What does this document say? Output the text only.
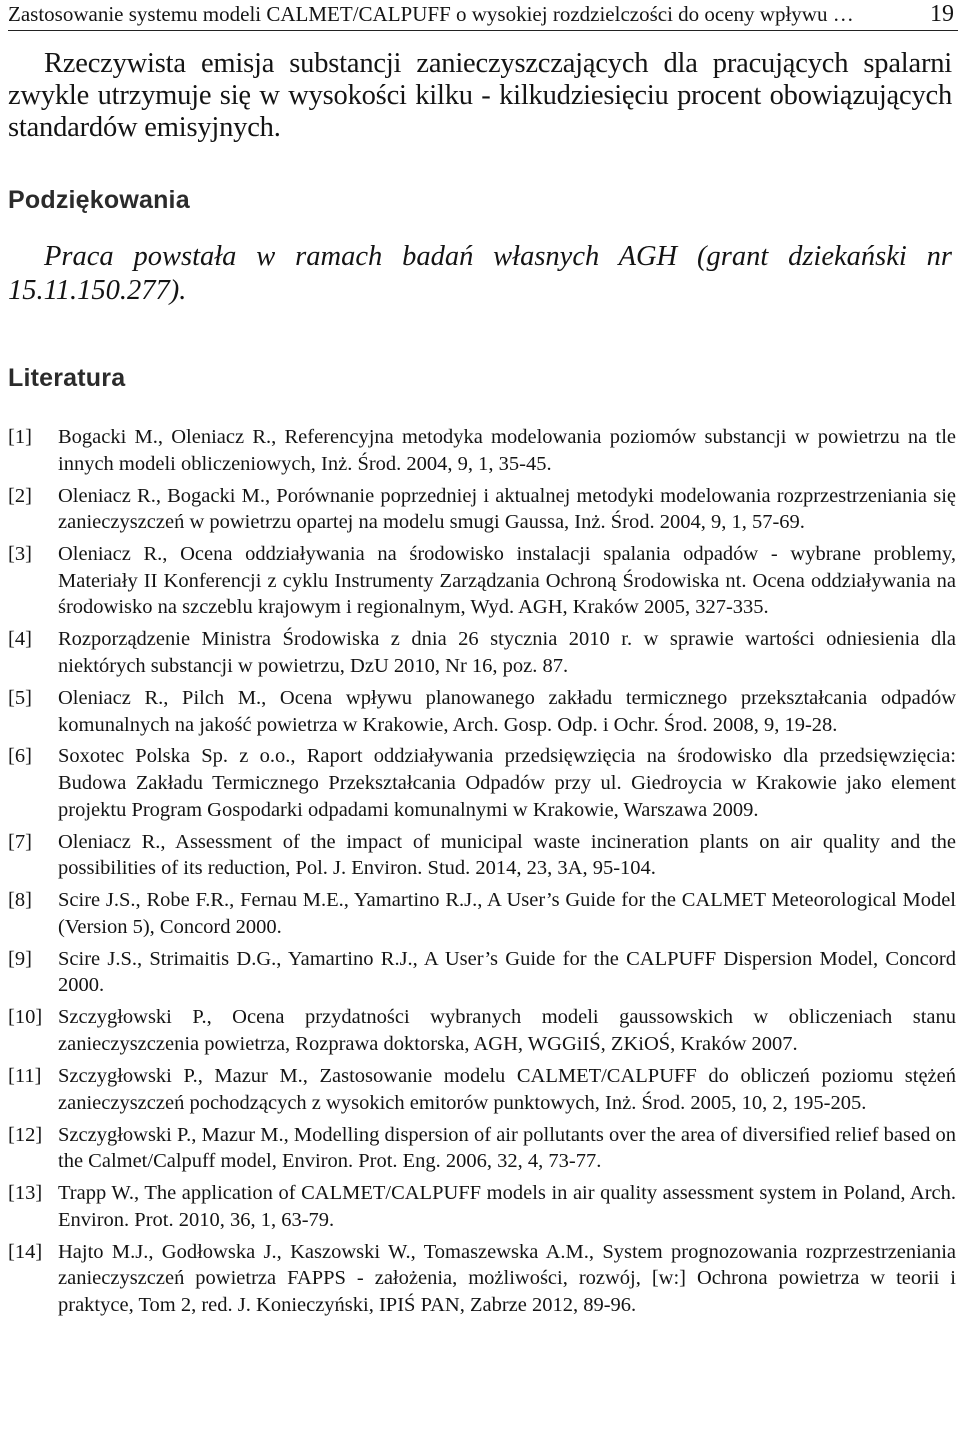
Zastosowanie systemu modeli CALMET/CALPUFF o wysokiej rozdzielczości do oceny wpływu …	19

Rzeczywista emisja substancji zanieczyszczających dla pracujących spalarni zwykle utrzymuje się w wysokości kilku - kilkudziesięciu procent obowiązujących standardów emisyjnych.

Podziękowania

Praca powstała w ramach badań własnych AGH (grant dziekański nr 15.11.150.277).

Literatura
[1] Bogacki M., Oleniacz R., Referencyjna metodyka modelowania poziomów substancji w powietrzu na tle innych modeli obliczeniowych, Inż. Środ. 2004, 9, 1, 35-45.
[2] Oleniacz R., Bogacki M., Porównanie poprzedniej i aktualnej metodyki modelowania rozprzestrzeniania się zanieczyszczeń w powietrzu opartej na modelu smugi Gaussa, Inż. Środ. 2004, 9, 1, 57-69.
[3] Oleniacz R., Ocena oddziaływania na środowisko instalacji spalania odpadów - wybrane problemy, Materiały II Konferencji z cyklu Instrumenty Zarządzania Ochroną Środowiska nt. Ocena oddziaływania na środowisko na szczeblu krajowym i regionalnym, Wyd. AGH, Kraków 2005, 327-335.
[4] Rozporządzenie Ministra Środowiska z dnia 26 stycznia 2010 r. w sprawie wartości odniesienia dla niektórych substancji w powietrzu, DzU 2010, Nr 16, poz. 87.
[5] Oleniacz R., Pilch M., Ocena wpływu planowanego zakładu termicznego przekształcania odpadów komunalnych na jakość powietrza w Krakowie, Arch. Gosp. Odp. i Ochr. Środ. 2008, 9, 19-28.
[6] Soxotec Polska Sp. z o.o., Raport oddziaływania przedsięwzięcia na środowisko dla przedsięwzięcia: Budowa Zakładu Termicznego Przekształcania Odpadów przy ul. Giedroycia w Krakowie jako element projektu Program Gospodarki odpadami komunalnymi w Krakowie, Warszawa 2009.
[7] Oleniacz R., Assessment of the impact of municipal waste incineration plants on air quality and the possibilities of its reduction, Pol. J. Environ. Stud. 2014, 23, 3A, 95-104.
[8] Scire J.S., Robe F.R., Fernau M.E., Yamartino R.J., A User’s Guide for the CALMET Meteorological Model (Version 5), Concord 2000.
[9] Scire J.S., Strimaitis D.G., Yamartino R.J., A User’s Guide for the CALPUFF Dispersion Model, Concord 2000.
[10] Szczygłowski P., Ocena przydatności wybranych modeli gaussowskich w obliczeniach stanu zanieczyszczenia powietrza, Rozprawa doktorska, AGH, WGGiIŚ, ZKiOŚ, Kraków 2007.
[11] Szczygłowski P., Mazur M., Zastosowanie modelu CALMET/CALPUFF do obliczeń poziomu stężeń zanieczyszczeń pochodzących z wysokich emitorów punktowych, Inż. Środ. 2005, 10, 2, 195-205.
[12] Szczygłowski P., Mazur M., Modelling dispersion of air pollutants over the area of diversified relief based on the Calmet/Calpuff model, Environ. Prot. Eng. 2006, 32, 4, 73-77.
[13] Trapp W., The application of CALMET/CALPUFF models in air quality assessment system in Poland, Arch. Environ. Prot. 2010, 36, 1, 63-79.
[14] Hajto M.J., Godłowska J., Kaszowski W., Tomaszewska A.M., System prognozowania rozprzestrzeniania zanieczyszczeń powietrza FAPPS - założenia, możliwości, rozwój, [w:] Ochrona powietrza w teorii i praktyce, Tom 2, red. J. Konieczyński, IPIŚ PAN, Zabrze 2012, 89-96.
